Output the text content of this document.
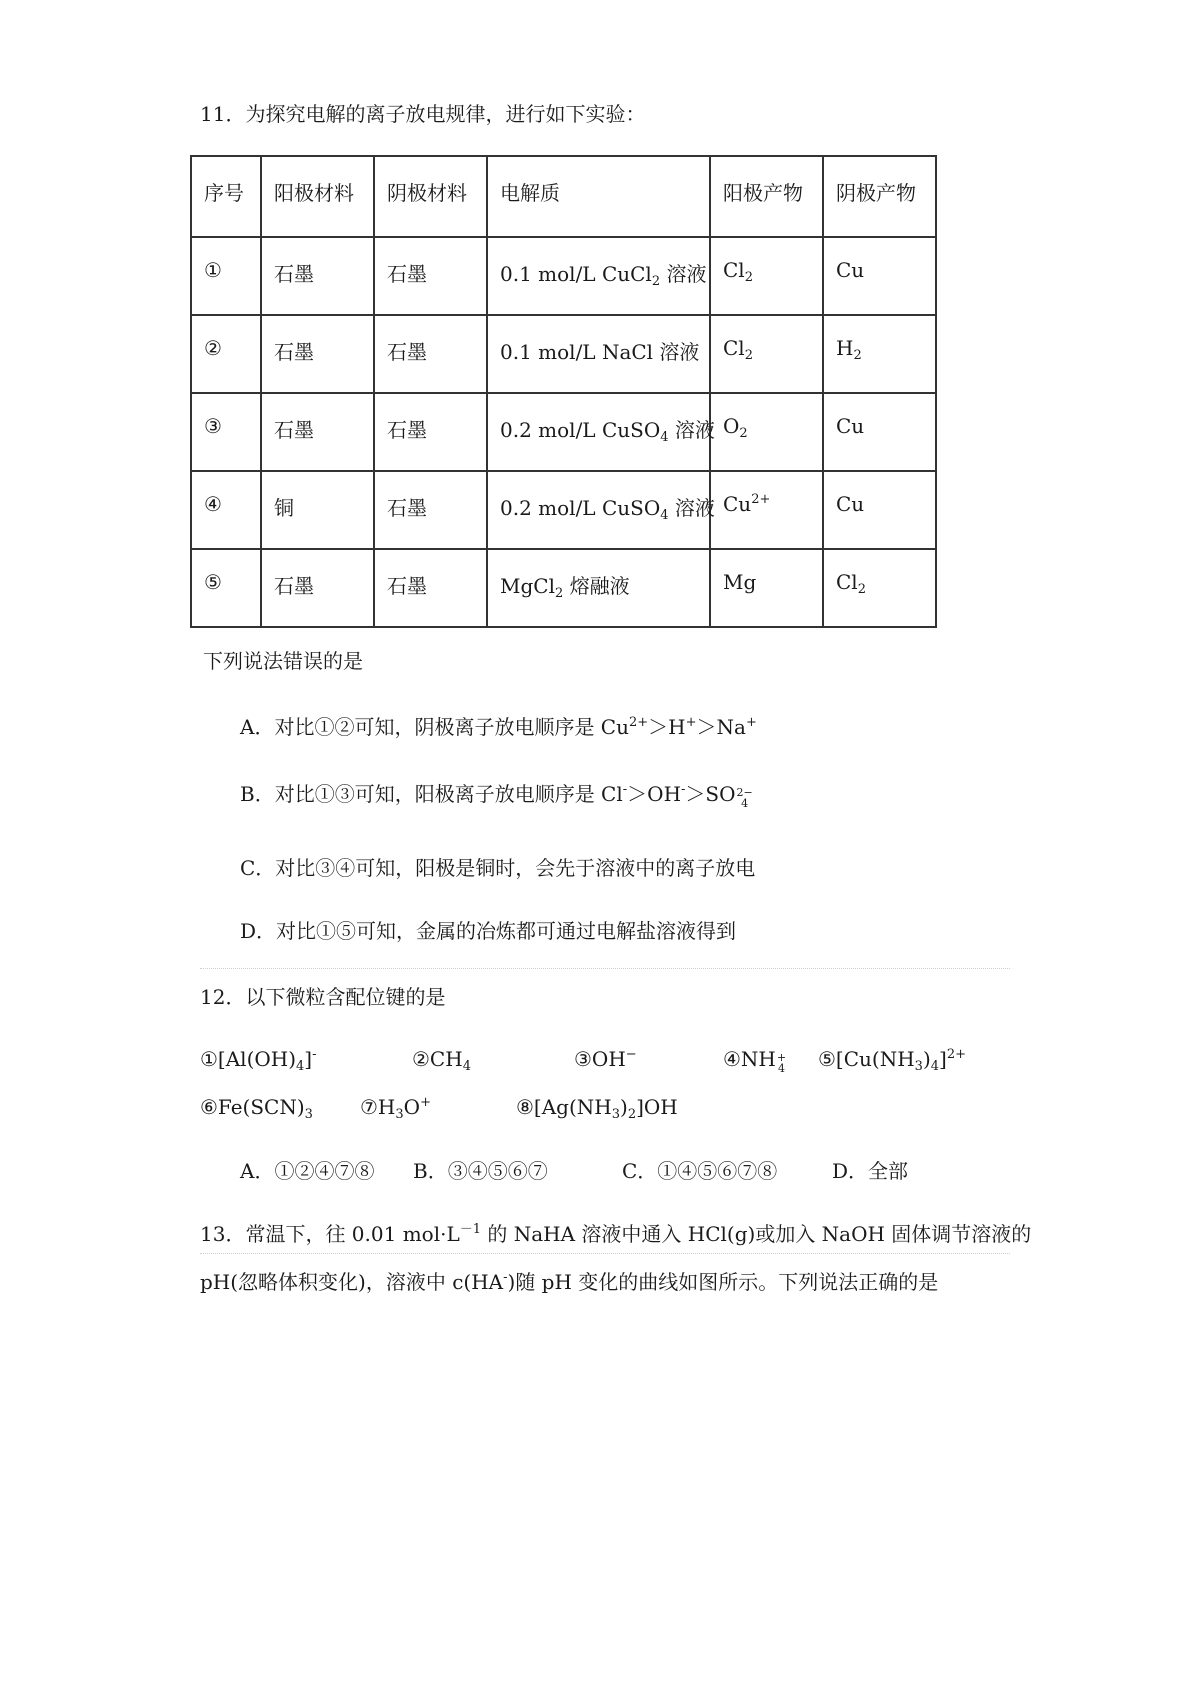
11．为探究电解的离子放电规律，进行如下实验：
序号	阳极材料	阴极材料	电解质	阳极产物	阴极产物
①	石墨	石墨	0.1 mol/L CuCl$_2$ 溶液	$Cl_2$	Cu
②	石墨	石墨	0.1 mol/L NaCl 溶液	$Cl_2$	$H_2$
③	石墨	石墨	0.2 mol/L CuSO$_4$ 溶液	$O_2$	Cu
④	铜	石墨	0.2 mol/L CuSO$_4$ 溶液	$Cu^{2+}$	Cu
⑤	石墨	石墨	MgCl$_2$ 熔融液	Mg	$Cl_2$
下列说法错误的是
A．对比①②可知，阴极离子放电顺序是 $Cu^{2+}>H^+>Na^+$
B．对比①③可知，阳极离子放电顺序是 Cl-＞OH-＞SO 2−
4
C．对比③④可知，阳极是铜时，会先于溶液中的离子放电
D．对比①⑤可知，金属的冶炼都可通过电解盐溶液得到
12．以下微粒含配位键的是
$①[Al(OH)_4]^-$	$②CH_4$	③OH−	④NH +
4 $⑤[Cu(NH_3)_4]^{2+}$
$⑥Fe(SCN)_3$ $⑦H_3O^+$	$⑧[Ag(NH_3)_2]OH$
A．①②④⑦⑧ B．③④⑤⑥⑦	C．①④⑤⑥⑦⑧	D．全部
13．常温下，往 0.01 $mol\cdot L^{-1}$ 的 NaHA 溶液中通入 HCl(g)或加入 NaOH 固体调节溶液的
pH(忽略体积变化)，溶液中 c(HA-)随 pH 变化的曲线如图所示。下列说法正确的是
